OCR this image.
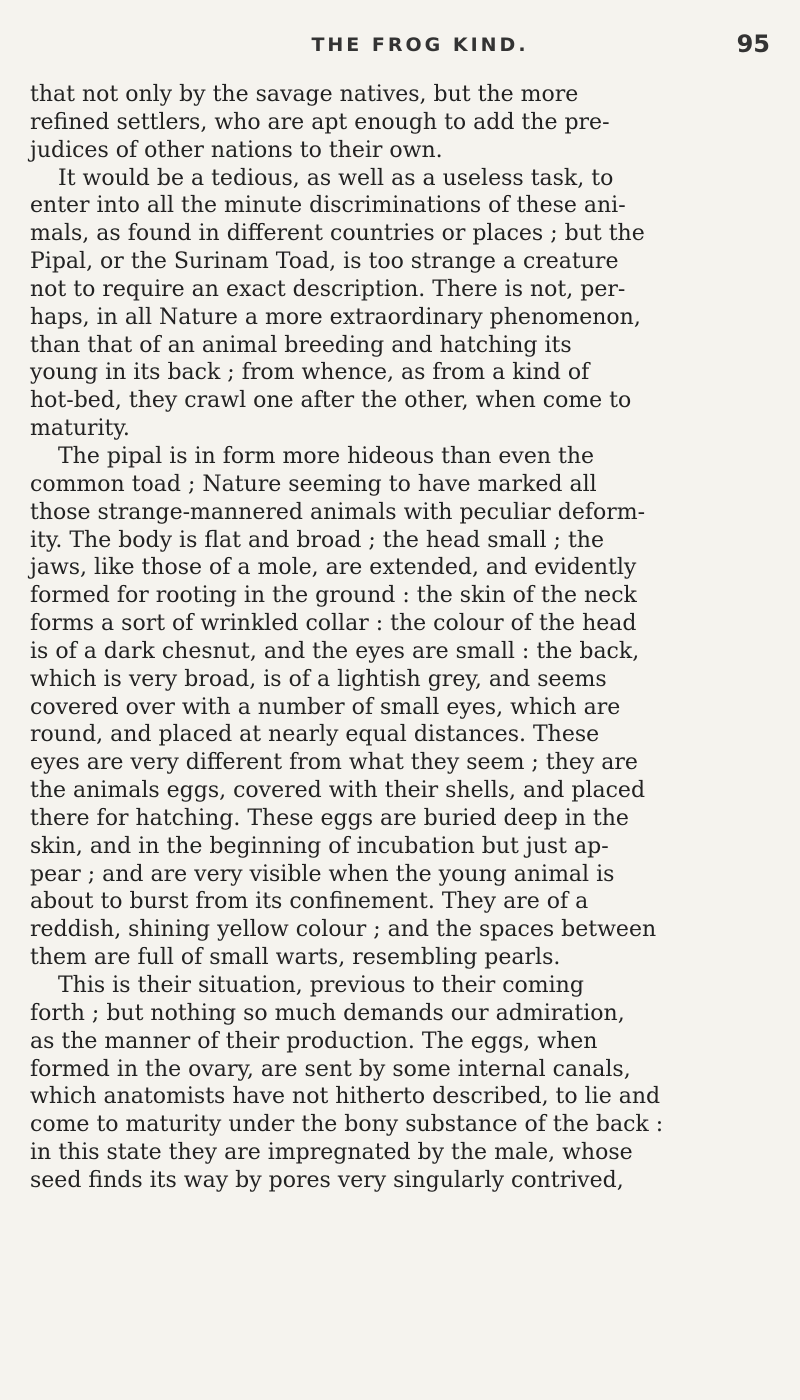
THE FROG KIND.	95
that not only by the savage natives, but the more
refined settlers, who are apt enough to add the pre-
judices of other nations to their own.
It would be a tedious, as well as a useless task, to
enter into all the minute discriminations of these ani-
mals, as found in different countries or places ; but the
Pipal, or the Surinam Toad, is too strange a creature
not to require an exact description. There is not, per-
haps, in all Nature a more extraordinary phenomenon,
than that of an animal breeding and hatching its
young in its back ; from whence, as from a kind of
hot-bed, they crawl one after the other, when come to
maturity.
The pipal is in form more hideous than even the
common toad ; Nature seeming to have marked all
those strange-mannered animals with peculiar deform-
ity. The body is flat and broad ; the head small ; the
jaws, like those of a mole, are extended, and evidently
formed for rooting in the ground : the skin of the neck
forms a sort of wrinkled collar : the colour of the head
is of a dark chesnut, and the eyes are small : the back,
which is very broad, is of a lightish grey, and seems
covered over with a number of small eyes, which are
round, and placed at nearly equal distances. These
eyes are very different from what they seem ; they are
the animals eggs, covered with their shells, and placed
there for hatching. These eggs are buried deep in the
skin, and in the beginning of incubation but just ap-
pear ; and are very visible when the young animal is
about to burst from its confinement. They are of a
reddish, shining yellow colour ; and the spaces between
them are full of small warts, resembling pearls.
This is their situation, previous to their coming
forth ; but nothing so much demands our admiration,
as the manner of their production. The eggs, when
formed in the ovary, are sent by some internal canals,
which anatomists have not hitherto described, to lie and
come to maturity under the bony substance of the back :
in this state they are impregnated by the male, whose
seed finds its way by pores very singularly contrived,
